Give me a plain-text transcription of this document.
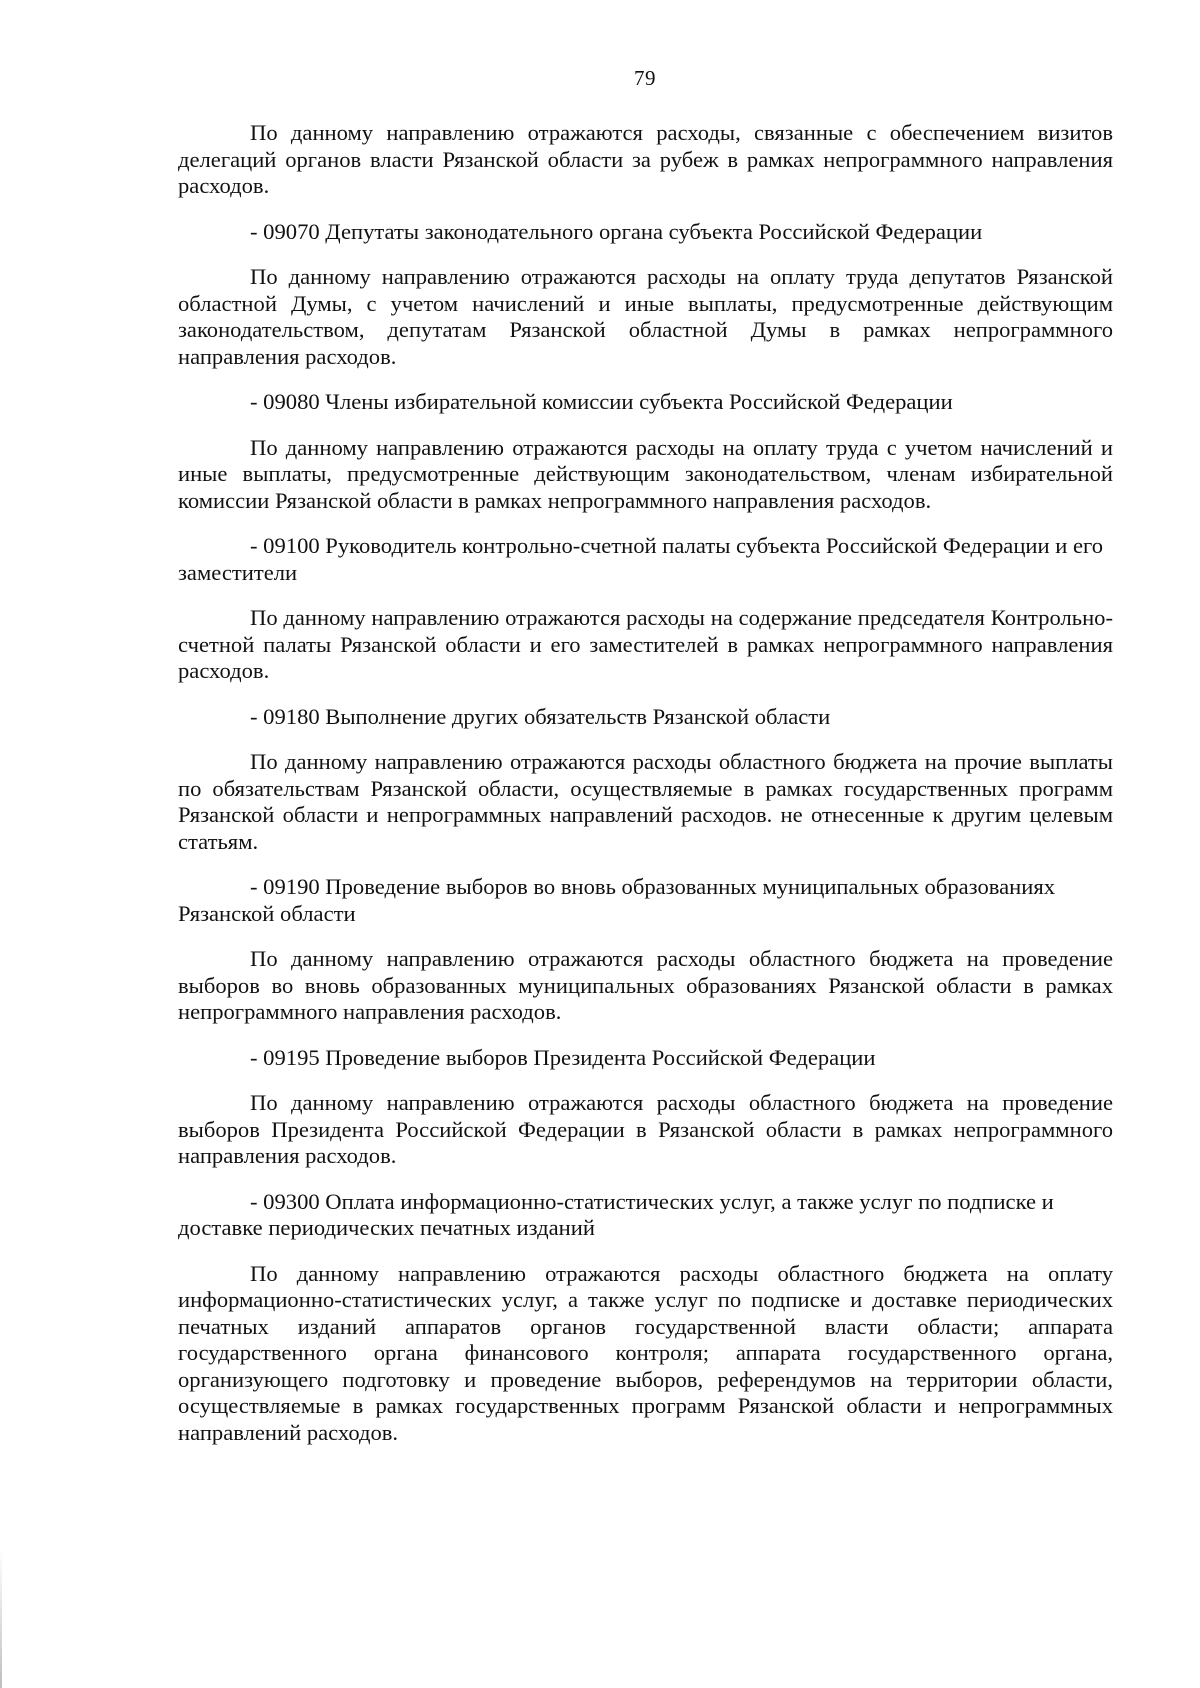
79

По данному направлению отражаются расходы, связанные с обеспечением визитов делегаций органов власти Рязанской области за рубеж в рамках непрограммного направления расходов.

- 09070 Депутаты законодательного органа субъекта Российской Федерации

По данному направлению отражаются расходы на оплату труда депутатов Рязанской областной Думы, с учетом начислений и иные выплаты, предусмотренные действующим законодательством, депутатам Рязанской областной Думы в рамках непрограммного направления расходов.

- 09080 Члены избирательной комиссии субъекта Российской Федерации

По данному направлению отражаются расходы на оплату труда с учетом начислений и иные выплаты, предусмотренные действующим законодательством, членам избирательной комиссии Рязанской области в рамках непрограммного направления расходов.

- 09100 Руководитель контрольно-счетной палаты субъекта Российской Федерации и его заместители

По данному направлению отражаются расходы на содержание председателя Контрольно-счетной палаты Рязанской области и его заместителей в рамках непрограммного направления расходов.

- 09180 Выполнение других обязательств Рязанской области

По данному направлению отражаются расходы областного бюджета на прочие выплаты по обязательствам Рязанской области, осуществляемые в рамках государственных программ Рязанской области и непрограммных направлений расходов. не отнесенные к другим целевым статьям.

- 09190 Проведение выборов во вновь образованных муниципальных образованиях Рязанской области

По данному направлению отражаются расходы областного бюджета на проведение выборов во вновь образованных муниципальных образованиях Рязанской области в рамках непрограммного направления расходов.

- 09195 Проведение выборов Президента Российской Федерации

По данному направлению отражаются расходы областного бюджета на проведение выборов Президента Российской Федерации в Рязанской области в рамках непрограммного направления расходов.

- 09300 Оплата информационно-статистических услуг, а также услуг по подписке и доставке периодических печатных изданий

По данному направлению отражаются расходы областного бюджета на оплату информационно-статистических услуг, а также услуг по подписке и доставке периодических печатных изданий аппаратов органов государственной власти области; аппарата государственного органа финансового контроля; аппарата государственного органа, организующего подготовку и проведение выборов, референдумов на территории области, осуществляемые в рамках государственных программ Рязанской области и непрограммных направлений расходов.
